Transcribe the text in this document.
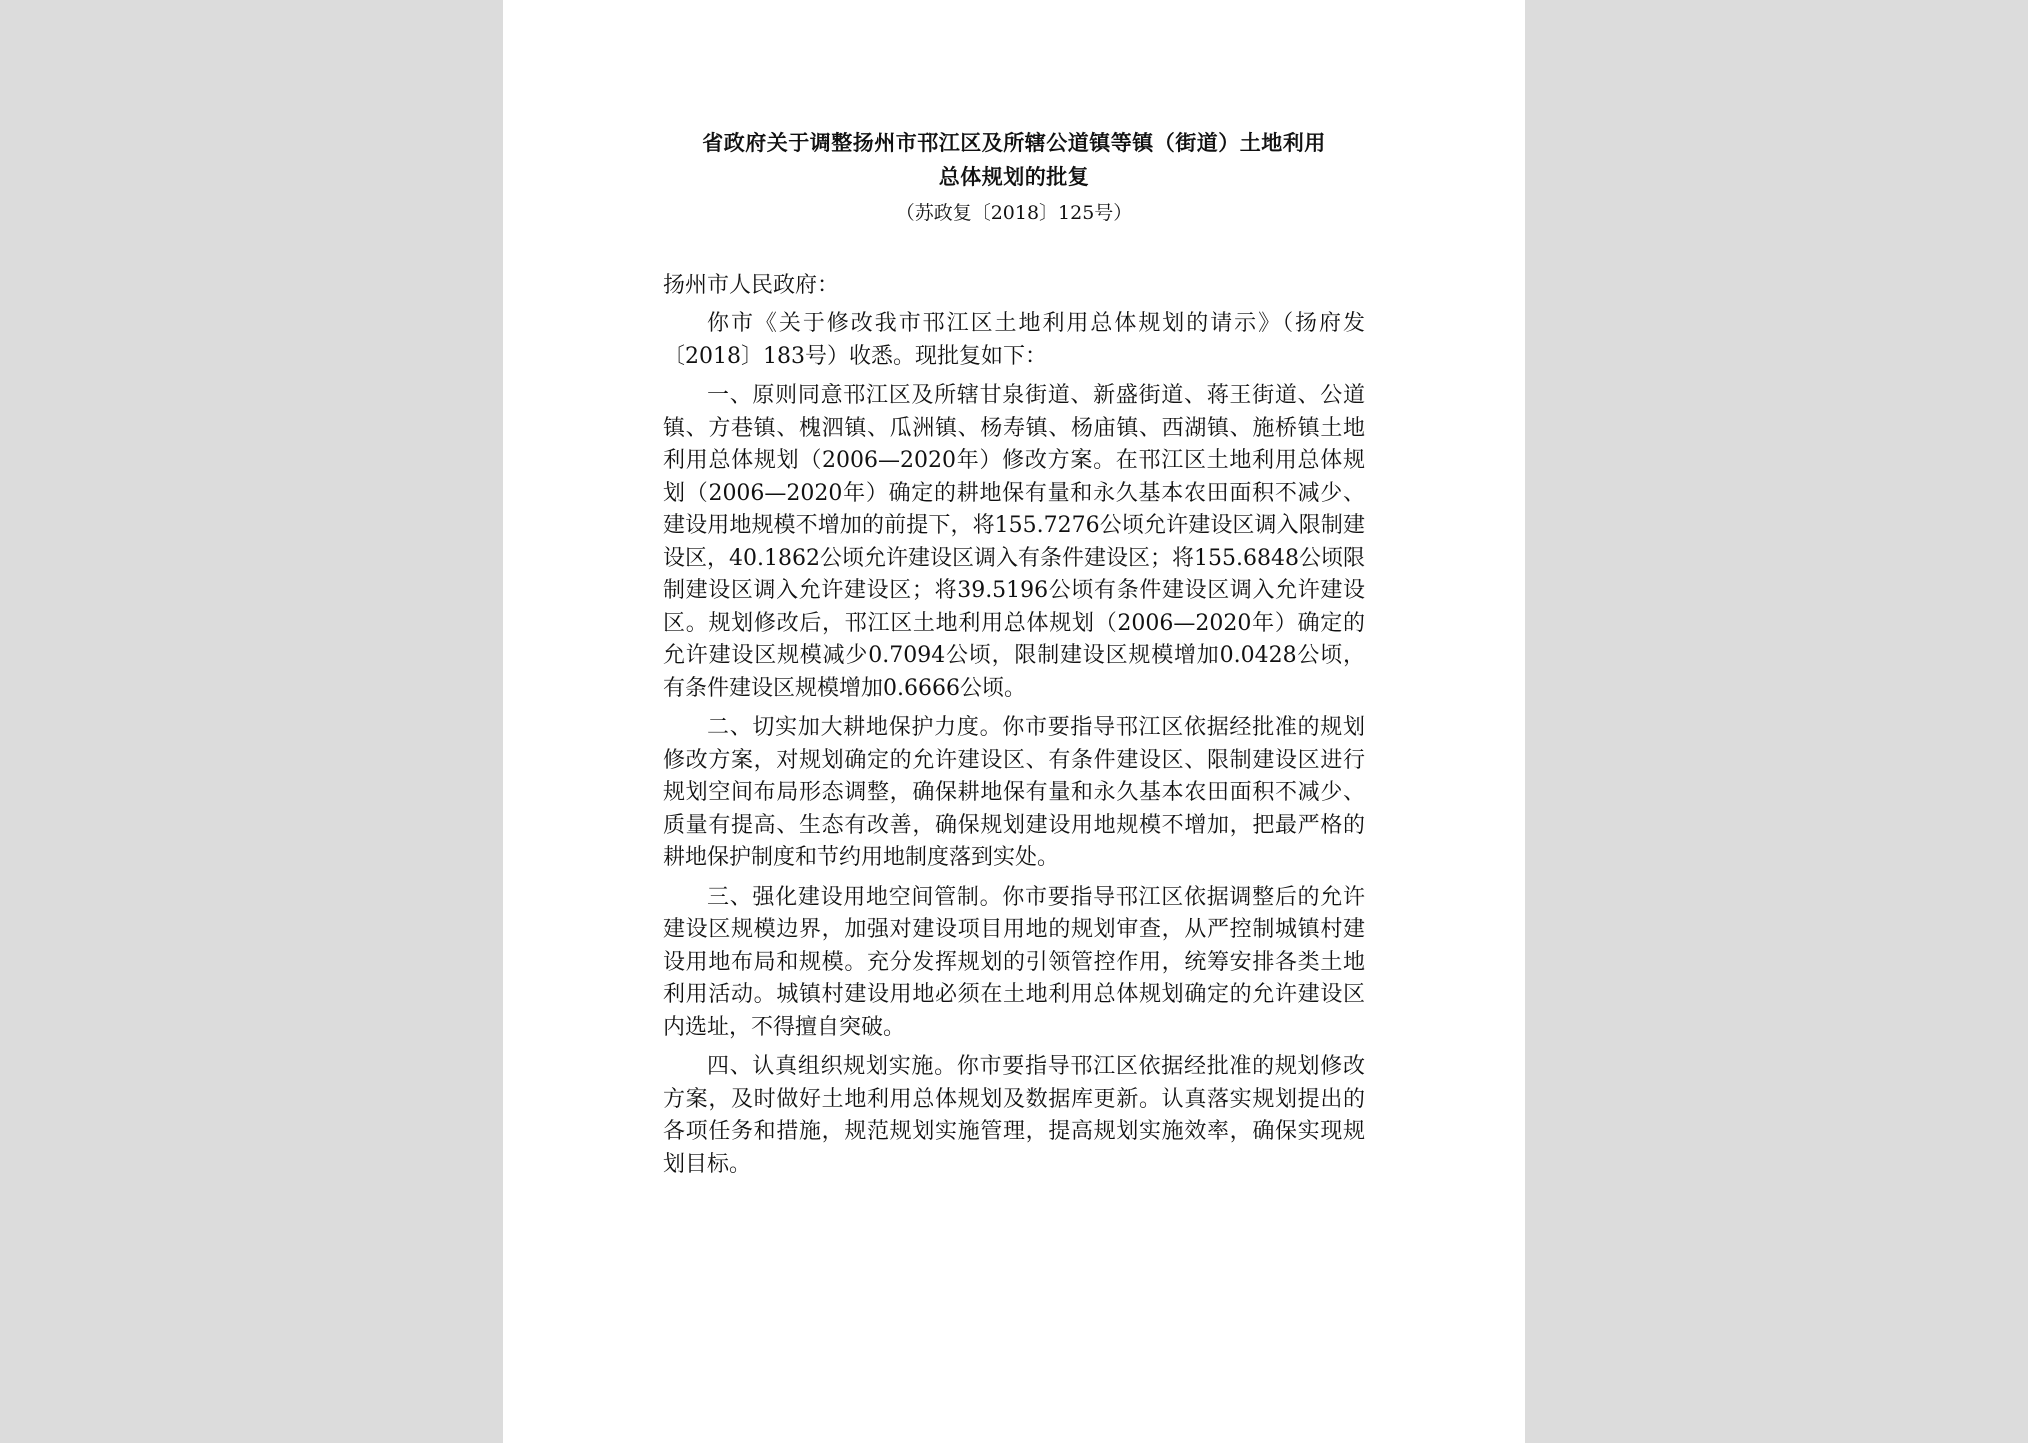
省政府关于调整扬州市邗江区及所辖公道镇等镇（街道）土地利用
总体规划的批复
（苏政复〔2018〕125号）

扬州市人民政府：

你市《关于修改我市邗江区土地利用总体规划的请示》（扬府发〔2018〕183号）收悉。现批复如下：

一、原则同意邗江区及所辖甘泉街道、新盛街道、蒋王街道、公道镇、方巷镇、槐泗镇、瓜洲镇、杨寿镇、杨庙镇、西湖镇、施桥镇土地利用总体规划（2006—2020年）修改方案。在邗江区土地利用总体规划（2006—2020年）确定的耕地保有量和永久基本农田面积不减少、建设用地规模不增加的前提下，将155.7276公顷允许建设区调入限制建设区，40.1862公顷允许建设区调入有条件建设区；将155.6848公顷限制建设区调入允许建设区；将39.5196公顷有条件建设区调入允许建设区。规划修改后，邗江区土地利用总体规划（2006—2020年）确定的允许建设区规模减少0.7094公顷，限制建设区规模增加0.0428公顷，有条件建设区规模增加0.6666公顷。

二、切实加大耕地保护力度。你市要指导邗江区依据经批准的规划修改方案，对规划确定的允许建设区、有条件建设区、限制建设区进行规划空间布局形态调整，确保耕地保有量和永久基本农田面积不减少、质量有提高、生态有改善，确保规划建设用地规模不增加，把最严格的耕地保护制度和节约用地制度落到实处。

三、强化建设用地空间管制。你市要指导邗江区依据调整后的允许建设区规模边界，加强对建设项目用地的规划审查，从严控制城镇村建设用地布局和规模。充分发挥规划的引领管控作用，统筹安排各类土地利用活动。城镇村建设用地必须在土地利用总体规划确定的允许建设区内选址，不得擅自突破。

四、认真组织规划实施。你市要指导邗江区依据经批准的规划修改方案，及时做好土地利用总体规划及数据库更新。认真落实规划提出的各项任务和措施，规范规划实施管理，提高规划实施效率，确保实现规划目标。
